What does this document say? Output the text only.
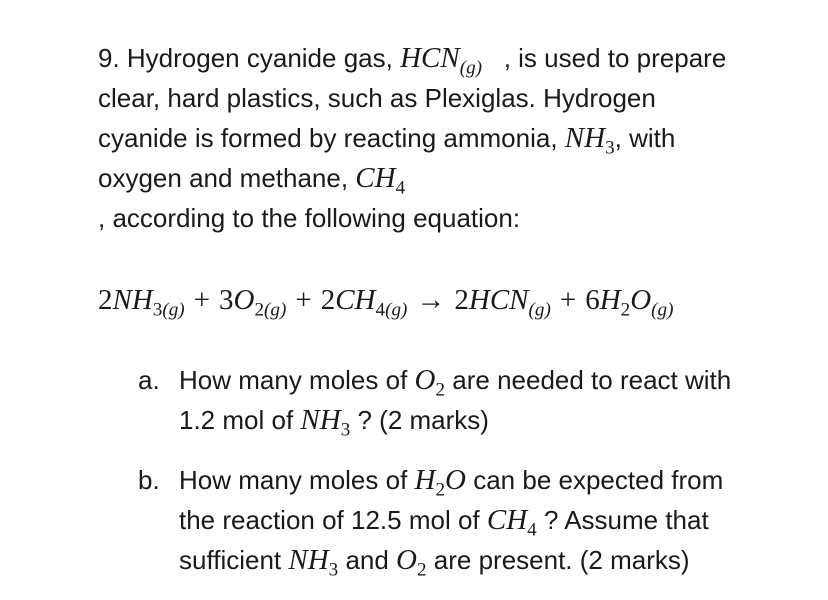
9. Hydrogen cyanide gas, $HCN_{(g)}$   , is used to prepare clear, hard plastics, such as Plexiglas. Hydrogen cyanide is formed by reacting ammonia, $NH_3$, with oxygen and methane, $CH_4$
, according to the following equation:
$2NH_{3(g)} + 3O_{2(g)} + 2CH_{4(g)} \to 2HCN_{(g)} + 6H_2O_{(g)}$
a. How many moles of $O_2$ are needed to react with 1.2 mol of $NH_3$ ? (2 marks)
b. How many moles of $H_2O$ can be expected from the reaction of 12.5 mol of $CH_4$ ? Assume that sufficient $NH_3$ and $O_2$ are present. (2 marks)
